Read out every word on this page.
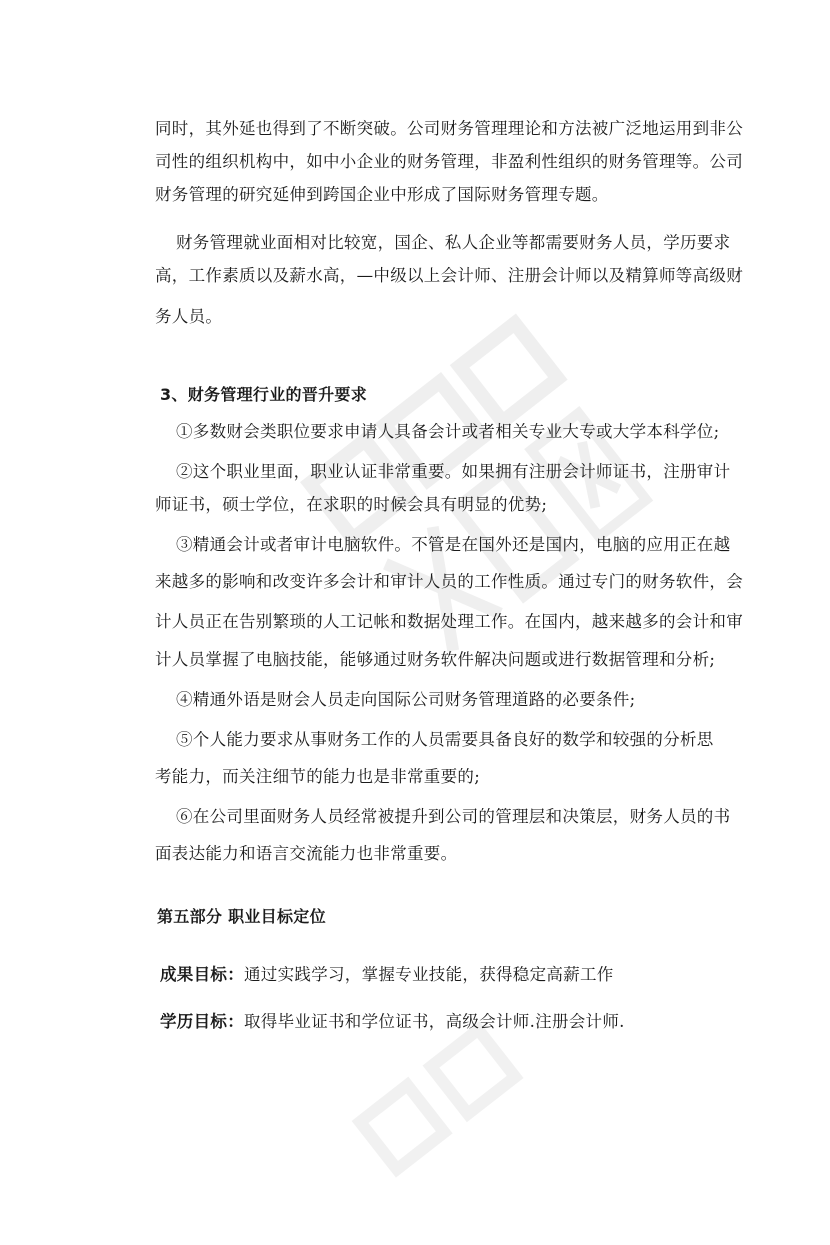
同时，其外延也得到了不断突破。公司财务管理理论和方法被广泛地运用到非公
司性的组织机构中，如中小企业的财务管理，非盈利性组织的财务管理等。公司
财务管理的研究延伸到跨国企业中形成了国际财务管理专题。
财务管理就业面相对比较宽，国企、私人企业等都需要财务人员，学历要求
高，工作素质以及薪水高，—中级以上会计师、注册会计师以及精算师等高级财
务人员。
3、财务管理行业的晋升要求
①多数财会类职位要求申请人具备会计或者相关专业大专或大学本科学位;
②这个职业里面，职业认证非常重要。如果拥有注册会计师证书，注册审计
师证书，硕士学位，在求职的时候会具有明显的优势;
③精通会计或者审计电脑软件。不管是在国外还是国内，电脑的应用正在越
来越多的影响和改变许多会计和审计人员的工作性质。通过专门的财务软件，会
计人员正在告别繁琐的人工记帐和数据处理工作。在国内，越来越多的会计和审
计人员掌握了电脑技能，能够通过财务软件解决问题或进行数据管理和分析;
④精通外语是财会人员走向国际公司财务管理道路的必要条件;
⑤个人能力要求从事财务工作的人员需要具备良好的数学和较强的分析思
考能力，而关注细节的能力也是非常重要的;
⑥在公司里面财务人员经常被提升到公司的管理层和决策层，财务人员的书
面表达能力和语言交流能力也非常重要。
第五部分 职业目标定位
成果目标：通过实践学习，掌握专业技能，获得稳定高薪工作
学历目标：取得毕业证书和学位证书，高级会计师.注册会计师.
